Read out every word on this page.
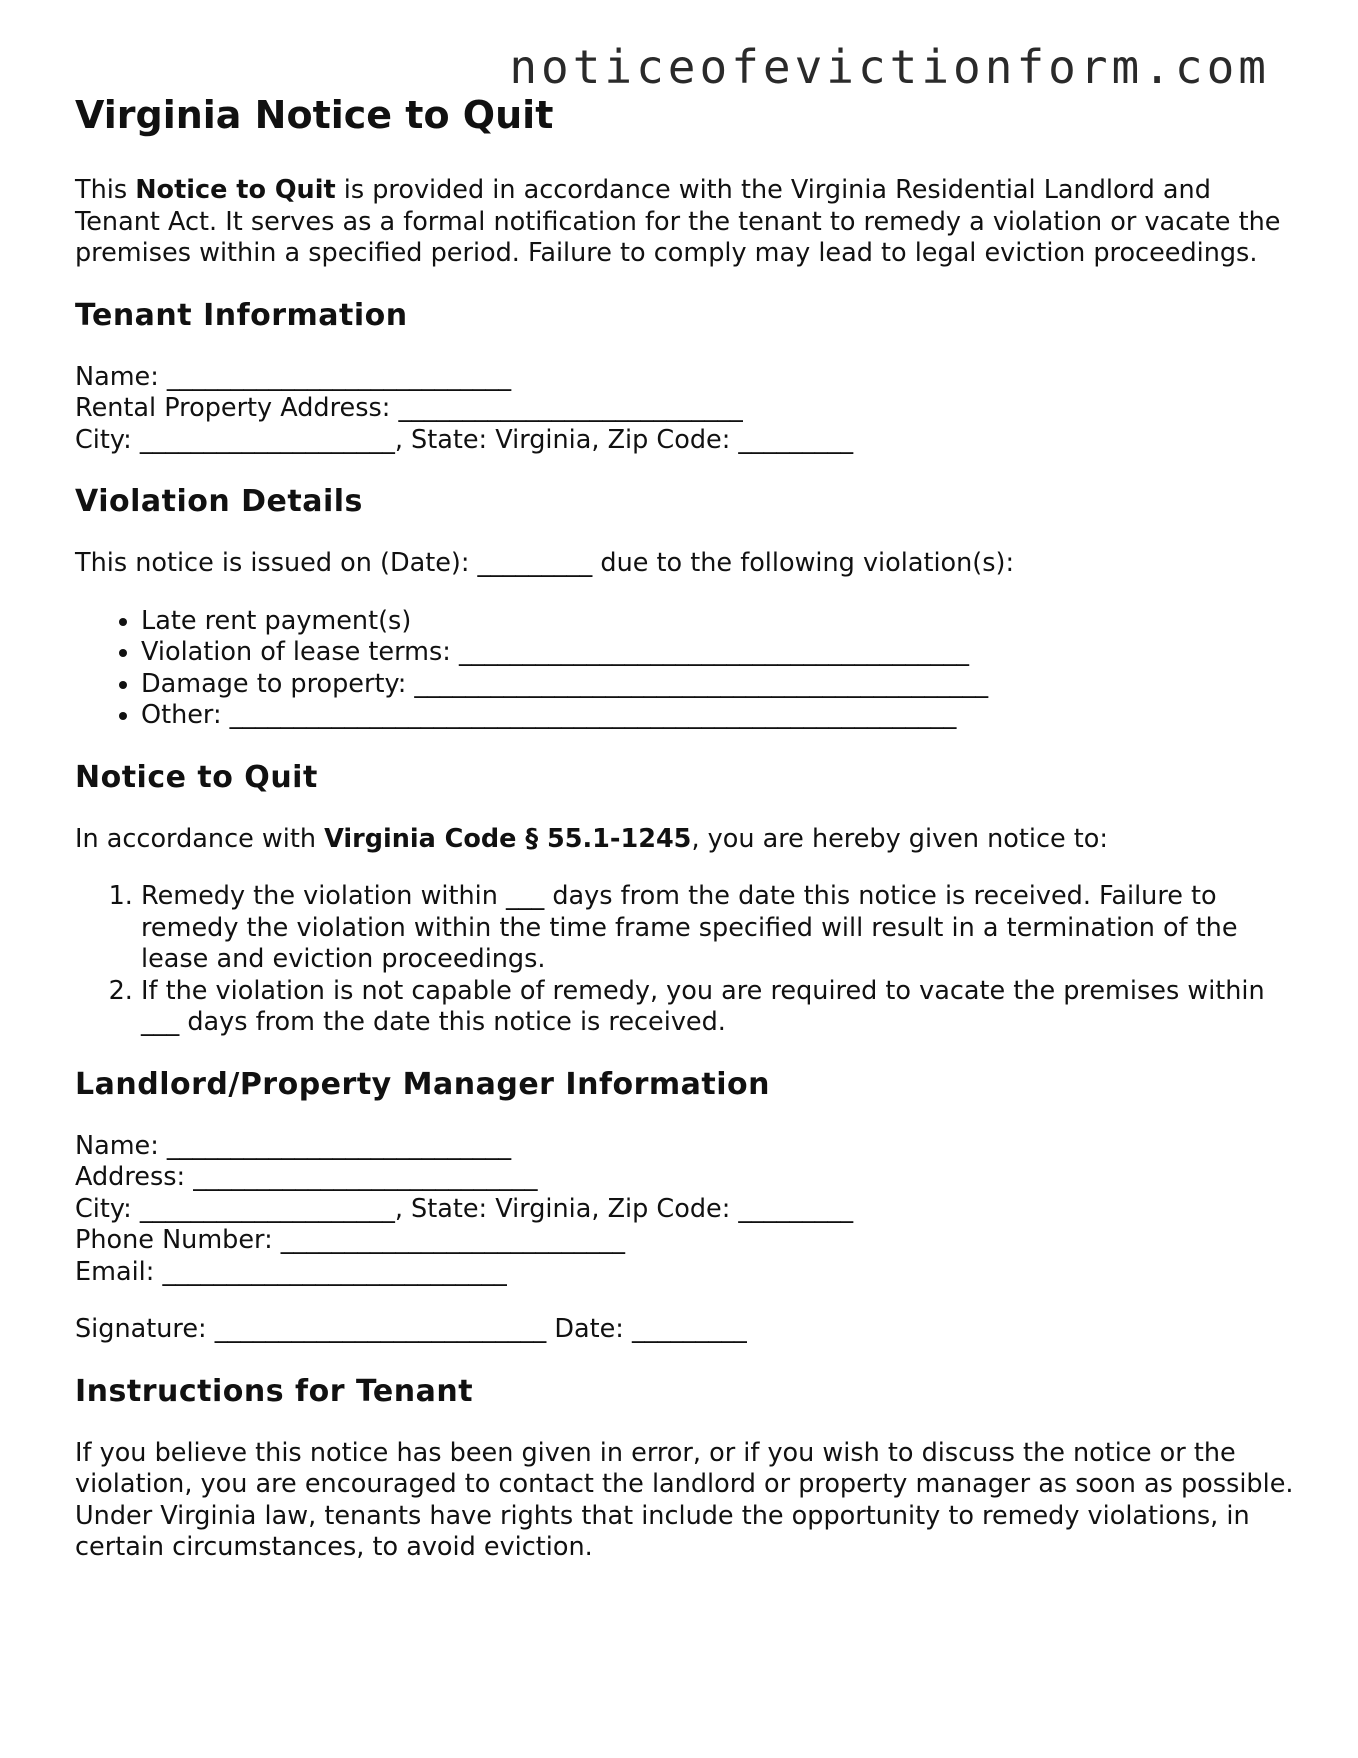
noticeofevictionform.com
Virginia Notice to Quit

This Notice to Quit is provided in accordance with the Virginia Residential Landlord and Tenant Act. It serves as a formal notification for the tenant to remedy a violation or vacate the premises within a specified period. Failure to comply may lead to legal eviction proceedings.

Tenant Information
Name: ___________________________
Rental Property Address: ___________________________
City: ____________________, State: Virginia, Zip Code: _________
Violation Details

This notice is issued on (Date): _________ due to the following violation(s):

• Late rent payment(s)
• Violation of lease terms: ________________________________________
• Damage to property: _____________________________________________
• Other: _________________________________________________________
Notice to Quit

In accordance with Virginia Code § 55.1-1245, you are hereby given notice to:

1. Remedy the violation within ___ days from the date this notice is received. Failure to remedy the violation within the time frame specified will result in a termination of the lease and eviction proceedings.
2. If the violation is not capable of remedy, you are required to vacate the premises within ___ days from the date this notice is received.
Landlord/Property Manager Information
Name: ___________________________
Address: ___________________________
City: ____________________, State: Virginia, Zip Code: _________
Phone Number: ___________________________
Email: ___________________________

Signature: __________________________ Date: _________

Instructions for Tenant

If you believe this notice has been given in error, or if you wish to discuss the notice or the violation, you are encouraged to contact the landlord or property manager as soon as possible. Under Virginia law, tenants have rights that include the opportunity to remedy violations, in certain circumstances, to avoid eviction.
